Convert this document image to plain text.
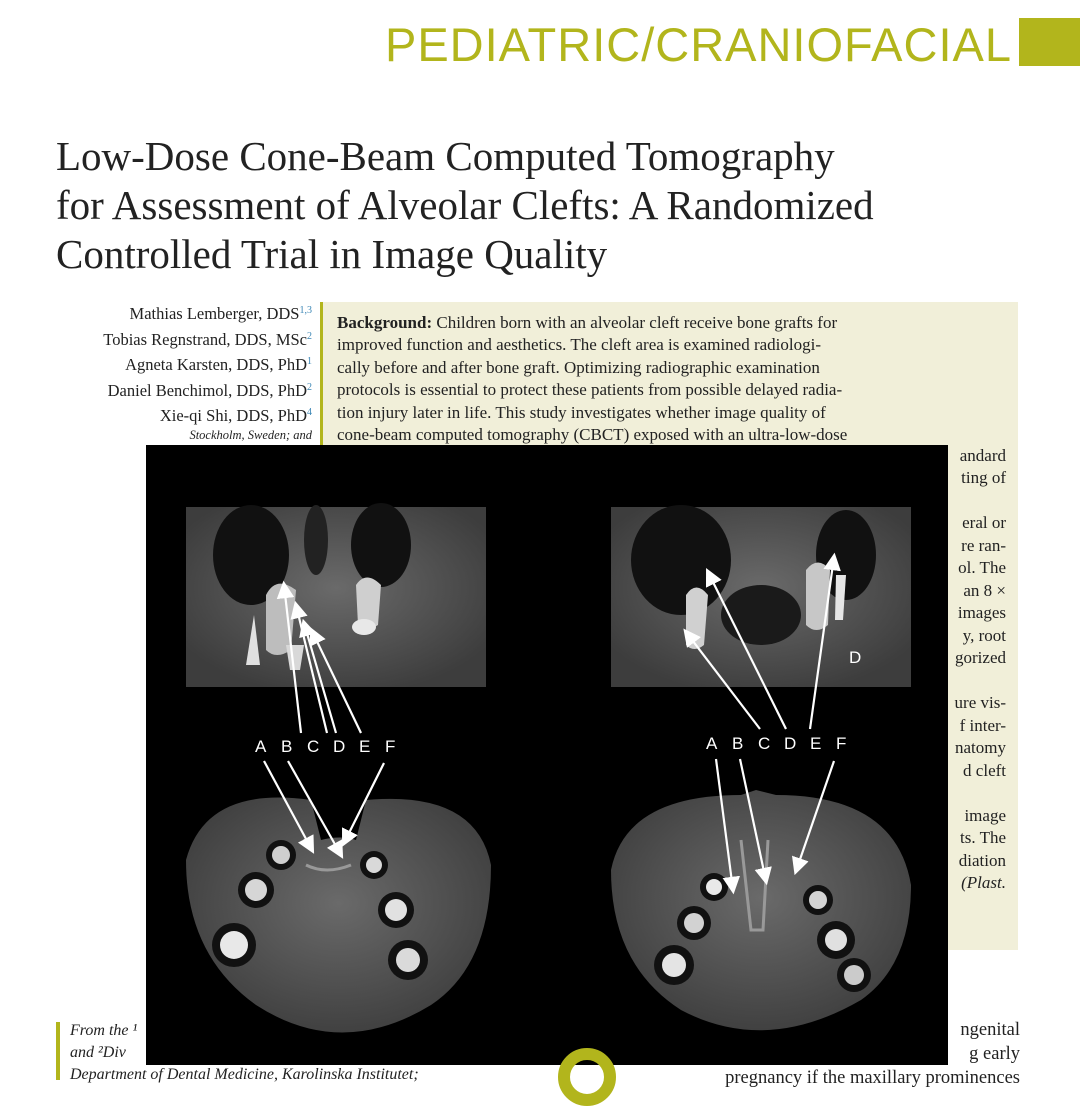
PEDIATRIC/CRANIOFACIAL
Low-Dose Cone-Beam Computed Tomography
for Assessment of Alveolar Clefts: A Randomized
Controlled Trial in Image Quality
Mathias Lemberger, DDS$^{1,3}$
Tobias Regnstrand, DDS, MSc$^2$
Agneta Karsten, DDS, PhD$^1$
Daniel Benchimol, DDS, PhD$^2$
Xie-qi Shi, DDS, PhD$^4$
Stockholm, Sweden; and
Background: Children born with an alveolar cleft receive bone grafts for
improved function and aesthetics. The cleft area is examined radiologi-
cally before and after bone graft. Optimizing radiographic examination
protocols is essential to protect these patients from possible delayed radia-
tion injury later in life. This study investigates whether image quality of
cone-beam computed tomography (CBCT) exposed with an ultra-low-dose
andard
ting of
eral or
re ran-
ol. The
an 8 ×
images
y, root
gorized
ure vis-
f inter-
natomy
d cleft
image
ts. The
diation
(Plast.
D
A B C D E F	A B C D E F
From the ¹
and ²Div
Department of Dental Medicine, Karolinska Institutet;
ngenital
g early
pregnancy if the maxillary prominences
